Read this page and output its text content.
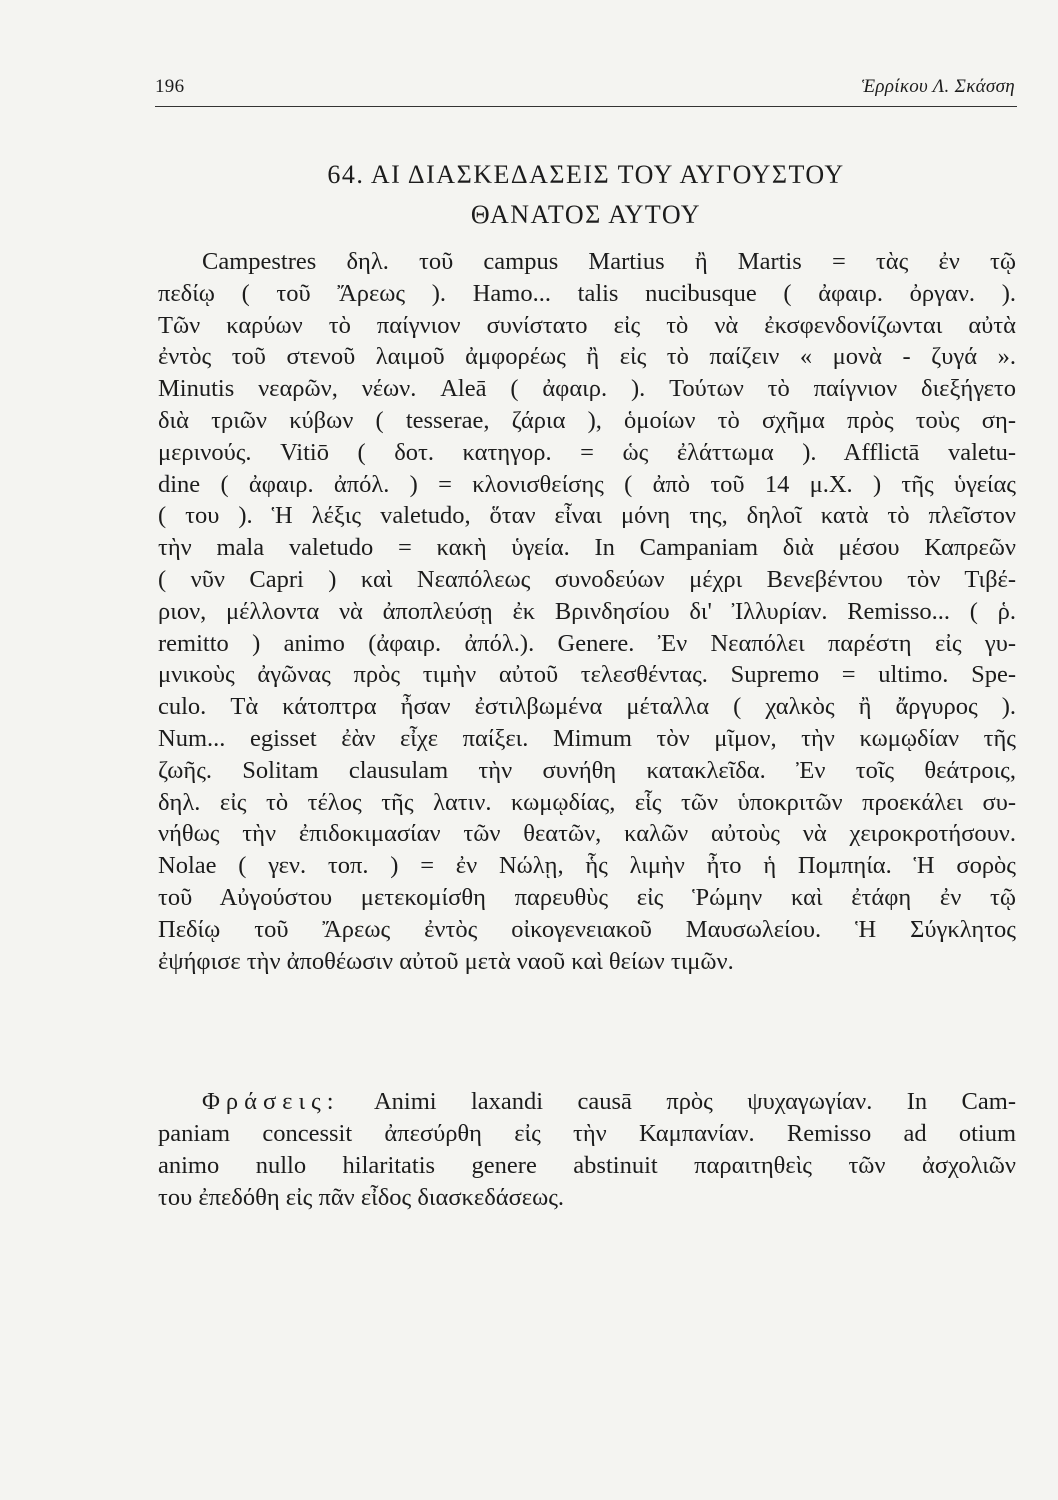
196	Ἑρρίκου Λ. Σκάσση
64. ΑΙ ΔΙΑΣΚΕΔΑΣΕΙΣ ΤΟΥ ΑΥΓΟΥΣΤΟΥ
ΘΑΝΑΤΟΣ ΑΥΤΟΥ

Campestres δηλ. τοῦ campus Martius ἢ Martis = τὰς ἐν τῷ
πεδίῳ ( τοῦ Ἄρεως ). Hamo... talis nucibusque ( ἀφαιρ. ὀργαν. ).
Τῶν καρύων τὸ παίγνιον συνίστατο εἰς τὸ νὰ ἐκσφενδονίζωνται αὐτὰ
ἐντὸς τοῦ στενοῦ λαιμοῦ ἀμφορέως ἢ εἰς τὸ παίζειν « μονὰ - ζυγά ».
Minutis νεαρῶν, νέων. Aleā ( ἀφαιρ. ). Τούτων τὸ παίγνιον διεξήγετο
διὰ τριῶν κύβων ( tesserae, ζάρια ), ὁμοίων τὸ σχῆμα πρὸς τοὺς ση-
μερινούς. Vitiō ( δοτ. κατηγορ. = ὡς ἐλάττωμα ). Afflictā valetu-
dine ( ἀφαιρ. ἀπόλ. ) = κλονισθείσης ( ἀπὸ τοῦ 14 μ.Χ. ) τῆς ὑγείας
( του ). Ἡ λέξις valetudo, ὅταν εἶναι μόνη της, δηλοῖ κατὰ τὸ πλεῖστον
τὴν mala valetudo = κακὴ ὑγεία. In Campaniam διὰ μέσου Καπρεῶν
( νῦν Capri ) καὶ Νεαπόλεως συνοδεύων μέχρι Βενεβέντου τὸν Τιβέ-
ριον, μέλλοντα νὰ ἀποπλεύσῃ ἐκ Βρινδησίου δι' Ἰλλυρίαν. Remisso... ( ῥ.
remitto ) animo (ἀφαιρ. ἀπόλ.). Genere. Ἐν Νεαπόλει παρέστη εἰς γυ-
μνικοὺς ἀγῶνας πρὸς τιμὴν αὐτοῦ τελεσθέντας. Supremo = ultimo. Spe-
culo. Τὰ κάτοπτρα ἦσαν ἐστιλβωμένα μέταλλα ( χαλκὸς ἢ ἄργυρος ).
Num... egisset ἐὰν εἶχε παίξει. Mimum τὸν μῖμον, τὴν κωμῳδίαν τῆς
ζωῆς. Solitam clausulam τὴν συνήθη κατακλεῖδα. Ἐν τοῖς θεάτροις,
δηλ. εἰς τὸ τέλος τῆς λατιν. κωμῳδίας, εἷς τῶν ὑποκριτῶν προεκάλει συ-
νήθως τὴν ἐπιδοκιμασίαν τῶν θεατῶν, καλῶν αὐτοὺς νὰ χειροκροτήσουν.
Nolae ( γεν. τοπ. ) = ἐν Νώλῃ, ἧς λιμὴν ἦτο ἡ Πομπηία. Ἡ σορὸς
τοῦ Αὐγούστου μετεκομίσθη παρευθὺς εἰς Ῥώμην καὶ ἐτάφη ἐν τῷ
Πεδίῳ τοῦ Ἄρεως ἐντὸς οἰκογενειακοῦ Μαυσωλείου. Ἡ Σύγκλητος
ἐψήφισε τὴν ἀποθέωσιν αὐτοῦ μετὰ ναοῦ καὶ θείων τιμῶν.

Φράσεις: Animi laxandi causā πρὸς ψυχαγωγίαν. In Cam-
paniam concessit ἀπεσύρθη εἰς τὴν Καμπανίαν. Remisso ad otium
animo nullo hilaritatis genere abstinuit παραιτηθεὶς τῶν ἀσχολιῶν
του ἐπεδόθη εἰς πᾶν εἶδος διασκεδάσεως.
